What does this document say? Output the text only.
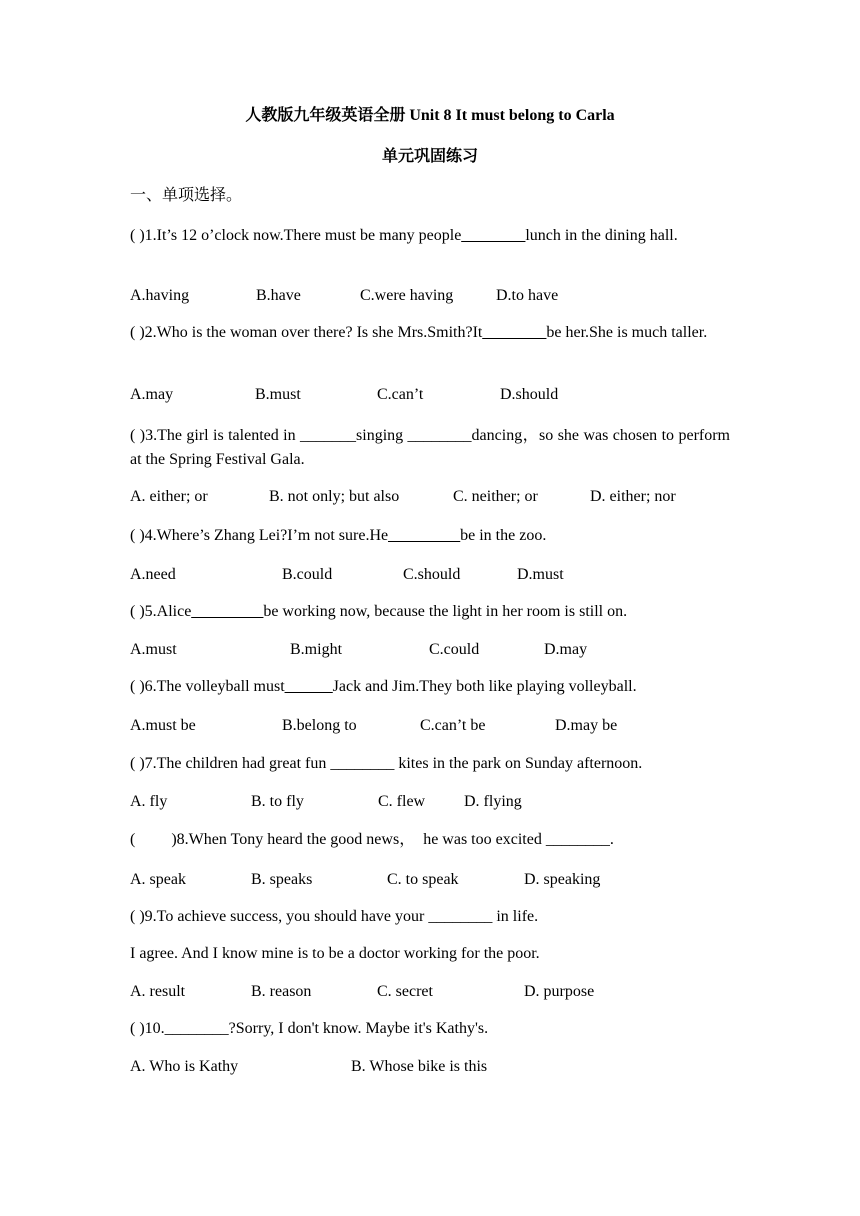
人教版九年级英语全册 Unit 8 It must belong to Carla
单元巩固练习
一、单项选择。
( )1.It’s 12 o’clock now.There must be many people________lunch in the dining hall.
A.having	B.have	C.were having	D.to have
( )2.Who is the woman over there? Is she Mrs.Smith?It________be her.She is much taller.
A.may	B.must	C.can’t	D.should
( )3.The girl is talented in _______singing ________dancing，so she was chosen to perform at the Spring Festival Gala.
A. either; or	B. not only; but also	C. neither; or	D. either; nor
( )4.Where’s Zhang Lei?I’m not sure.He_________be in the zoo.
A.need	B.could	C.should	D.must
( )5.Alice_________be working now, because the light in her room is still on.
A.must	B.might	C.could	D.may
( )6.The volleyball must______Jack and Jim.They both like playing volleyball.
A.must be	B.belong to	C.can’t be	D.may be
( )7.The children had great fun ________ kites in the park on Sunday afternoon.
A. fly	B. to fly	C. flew D. flying
(         )8.When Tony heard the good news，  he was too excited ________.
A. speak	B. speaks	C. to speak	D. speaking
( )9.To achieve success, you should have your ________ in life.
I agree. And I know mine is to be a doctor working for the poor.
A. result	B. reason	C. secret	D. purpose
( )10.________?Sorry, I don't know. Maybe it's Kathy's.
A. Who is Kathy	B. Whose bike is this
